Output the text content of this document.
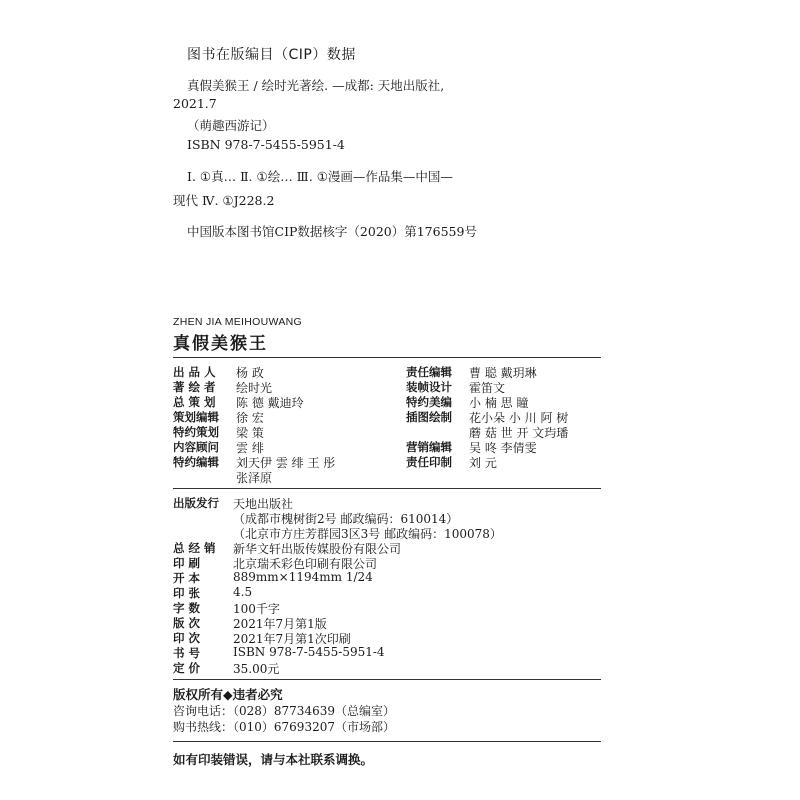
图书在版编目（CIP）数据
真假美猴王 / 绘时光著绘. —成都: 天地出版社,
2021.7
（萌趣西游记）
ISBN 978-7-5455-5951-4
Ⅰ. ①真… Ⅱ. ①绘… Ⅲ. ①漫画—作品集—中国—
现代 Ⅳ. ①J228.2
中国版本图书馆CIP数据核字（2020）第176559号
ZHEN JIA MEIHOUWANG
真假美猴王
出 品 人	杨 政
著 绘 者	绘时光
总 策 划	陈 德 戴迪玲
策划编辑	徐 宏
特约策划	梁 策
内容顾问	雲 绯
特约编辑	刘天伊 雲 绯 王 彤
张泽原
责任编辑	曹 聪 戴玥琳
装帧设计	霍笛文
特约美编	小 楠 思 瞳
插图绘制	花小朵 小 川 阿 树
蘑 菇 世 开 文玙璠
营销编辑	吴 咚 李倩雯
责任印制	刘 元
出版发行	天地出版社
（成都市槐树街2号 邮政编码：610014）
（北京市方庄芳群园3区3号 邮政编码：100078）
总 经 销	新华文轩出版传媒股份有限公司
印 刷	北京瑞禾彩色印刷有限公司
开 本	889mm×1194mm 1/24
印 张	4.5
字 数	100千字
版 次	2021年7月第1版
印 次	2021年7月第1次印刷
书 号	ISBN 978-7-5455-5951-4
定 价	35.00元
版权所有◆违者必究
咨询电话：（028）87734639（总编室）
购书热线：（010）67693207（市场部）
如有印装错误，请与本社联系调换。
